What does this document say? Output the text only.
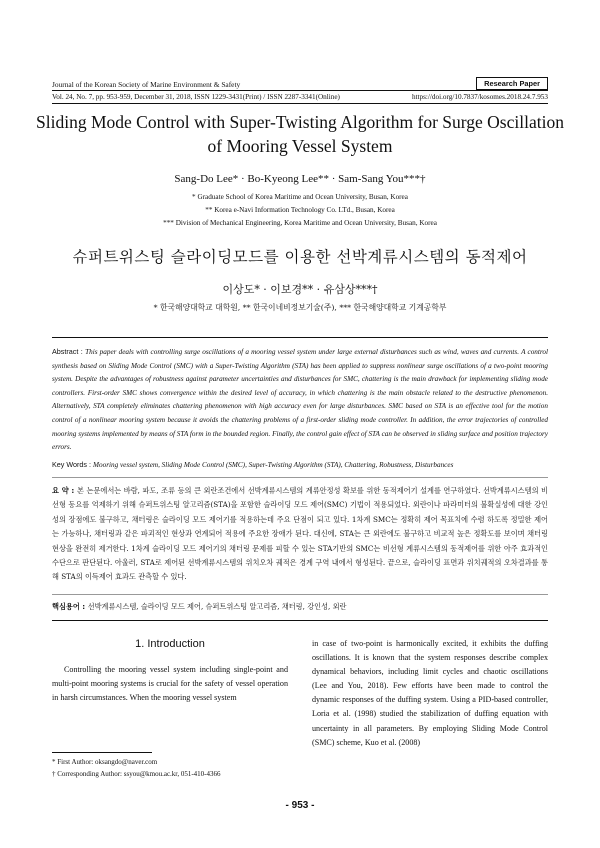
Journal of the Korean Society of Marine Environment & Safety	Research Paper
Vol. 24, No. 7, pp. 953-959, December 31, 2018, ISSN 1229-3431(Print) / ISSN 2287-3341(Online)	https://doi.org/10.7837/kosomes.2018.24.7.953
Sliding Mode Control with Super-Twisting Algorithm for Surge Oscillation of Mooring Vessel System
Sang-Do Lee* · Bo-Kyeong Lee** · Sam-Sang You***†
* Graduate School of Korea Maritime and Ocean University, Busan, Korea
** Korea e-Navi Information Technology Co. LTd., Busan, Korea
*** Division of Mechanical Engineering, Korea Maritime and Ocean University, Busan, Korea
슈퍼트위스팅 슬라이딩모드를 이용한 선박계류시스템의 동적제어
이상도* · 이보경** · 유삼상***†
* 한국해양대학교 대학원, ** 한국이네비정보기술(주), *** 한국해양대학교 기계공학부
Abstract : This paper deals with controlling surge oscillations of a mooring vessel system under large external disturbances such as wind, waves and currents. A control synthesis based on Sliding Mode Control (SMC) with a Super-Twisting Algorithm (STA) has been applied to suppress nonlinear surge oscillations of a two-point mooring system. Despite the advantages of robustness against parameter uncertainties and disturbances for SMC, chattering is the main drawback for implementing sliding mode controllers. First-order SMC shows convergence within the desired level of accuracy, in which chattering is the main obstacle related to the destructive phenomenon. Alternatively, STA completely eliminates chattering phenomenon with high accuracy even for large disturbances. SMC based on STA is an effective tool for the motion control of a nonlinear mooring system because it avoids the chattering problems of a first-order sliding mode controller. In addition, the error trajectories of controlled mooring systems implemented by means of STA form in the bounded region. Finally, the control gain effect of STA can be observed in sliding surface and position trajectory errors.
Key Words : Mooring vessel system, Sliding Mode Control (SMC), Super-Twisting Algorithm (STA), Chattering, Robustness, Disturbances
요 약 : 본 논문에서는 바람, 파도, 조류 등의 큰 외란조건에서 선박계류시스템의 계류안정성 확보를 위한 동적제어기 설계를 연구하였다. 선박계류시스템의 비선형 동요를 억제하기 위해 슈퍼트위스팅 알고리즘(STA)을 포함한 슬라이딩 모드 제어(SMC) 기법이 적용되었다. 외란이나 파라미터의 불확실성에 대한 강인성의 장점에도 불구하고, 채터링은 슬라이딩 모드 제어기를 적용하는데 주요 단점이 되고 있다. 1차계 SMC는 정확히 제어 목표치에 수렴 하도록 정밀한 제어는 가능하나, 채터링과 같은 파괴적인 현상과 연계되어 적용에 주요한 장애가 된다. 대신에, STA는 큰 외란에도 불구하고 비교적 높은 정확도를 보이며 채터링 현상을 완전히 제거한다. 1차계 슬라이딩 모드 제어기의 채터링 문제를 피할 수 있는 STA기반의 SMC는 비선형 계류시스템의 동적제어를 위한 아주 효과적인 수단으로 판단된다. 아울러, STA로 제어된 선박계류시스템의 위치오차 궤적은 경계 구역 내에서 형성된다. 끝으로, 슬라이딩 표면과 위치궤적의 오차결과를 통해 STA의 이득제어 효과도 관측할 수 있다.
핵심용어 : 선박계류시스템, 슬라이딩 모드 제어, 슈퍼트위스팅 알고리즘, 채터링, 강인성, 외란
1. Introduction

Controlling the mooring vessel system including single-point and multi-point mooring systems is crucial for the safety of vessel operation in harsh circumstances. When the mooring vessel system

in case of two-point is harmonically excited, it exhibits the duffing oscillations. It is known that the system responses describe complex dynamical behaviors, including limit cycles and chaotic oscillations (Lee and You, 2018). Few efforts have been made to control the dynamic responses of the duffing system. Using a PID-based controller, Loria et al. (1998) studied the stabilization of duffing equation with uncertainty in all parameters. By employing Sliding Mode Control (SMC) scheme, Kuo et al. (2008)

* First Author: oksangdo@naver.com
† Corresponding Author: ssyou@kmou.ac.kr, 051-410-4366
- 953 -
